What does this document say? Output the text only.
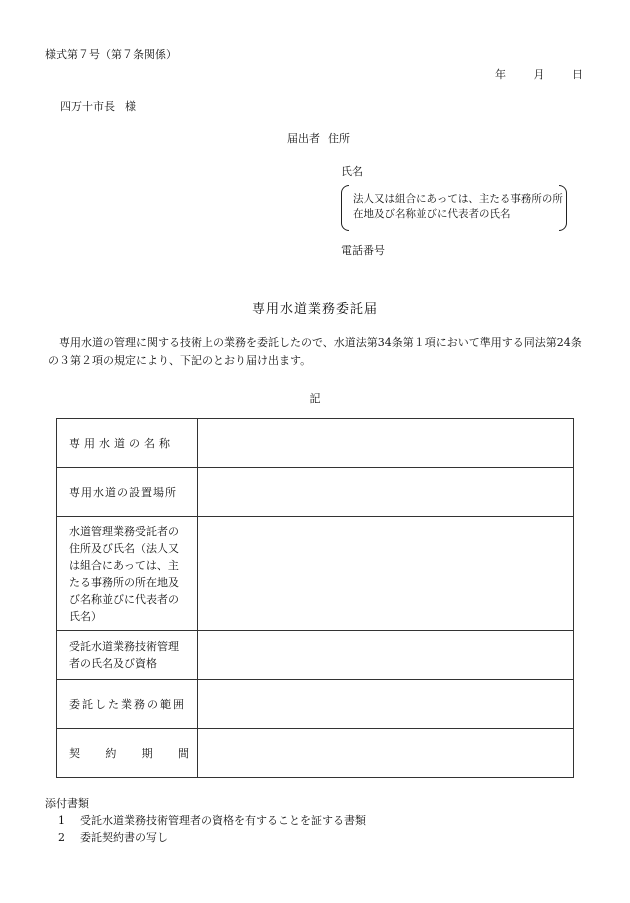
様式第７号（第７条関係）
年	月	日
四万十市長 様
届出者 住所
氏名
法人又は組合にあっては、主たる事務所の所在地及び名称並びに代表者の氏名
電話番号
専用水道業務委託届
専用水道の管理に関する技術上の業務を委託したので、水道法第34条第１項において準用する同法第24条の３第２項の規定により、下記のとおり届け出ます。
記
専用水道の名称	
専用水道の設置場所	
水道管理業務受託者の住所及び氏名（法人又は組合にあっては、主たる事務所の所在地及び名称並びに代表者の氏名）	
受託水道業務技術管理者の氏名及び資格	
委託した業務の範囲	

契 約 期 間	

添付書類
1 受託水道業務技術管理者の資格を有することを証する書類
2 委託契約書の写し
